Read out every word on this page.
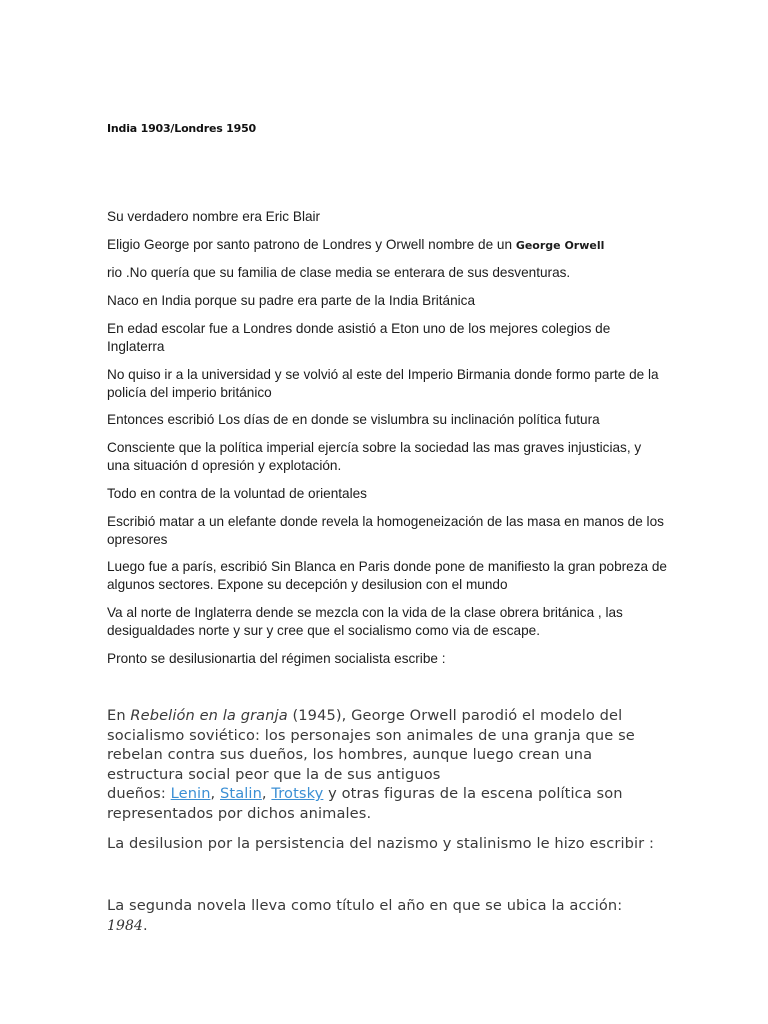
India 1903/Londres 1950
Su verdadero nombre era Eric Blair
Eligio George por santo patrono de Londres y Orwell nombre de un George Orwell
rio .No quería que su familia de clase media se enterara de sus desventuras.
Naco en India porque su padre era parte de la India Británica
En edad escolar fue a Londres donde asistió a Eton uno de los mejores colegios de Inglaterra
No quiso ir a la universidad y se volvió al este del Imperio Birmania donde formo parte de la policía del imperio británico
Entonces escribió Los días de en donde se vislumbra su inclinación política futura
Consciente que la política imperial ejercía sobre la sociedad las mas graves injusticias, y una situación d opresión y explotación.
Todo en contra de la voluntad de orientales
Escribió matar a un elefante donde revela la homogeneización de las masa en manos de los opresores
Luego fue a parís, escribió Sin Blanca en Paris donde pone de manifiesto la gran pobreza de algunos sectores. Expone su decepción y desilusion con el mundo
Va al norte de Inglaterra dende se mezcla con la vida de la clase obrera británica , las desigualdades norte y sur y cree que el socialismo como via de escape.
Pronto se desilusionartia del régimen socialista escribe :
En Rebelión en la granja (1945), George Orwell parodió el modelo del socialismo soviético: los personajes son animales de una granja que se rebelan contra sus dueños, los hombres, aunque luego crean una estructura social peor que la de sus antiguos
dueños: Lenin, Stalin, Trotsky y otras figuras de la escena política son representados por dichos animales.
La desilusion por la persistencia del nazismo y stalinismo le hizo escribir :
La segunda novela lleva como título el año en que se ubica la acción: 1984.
